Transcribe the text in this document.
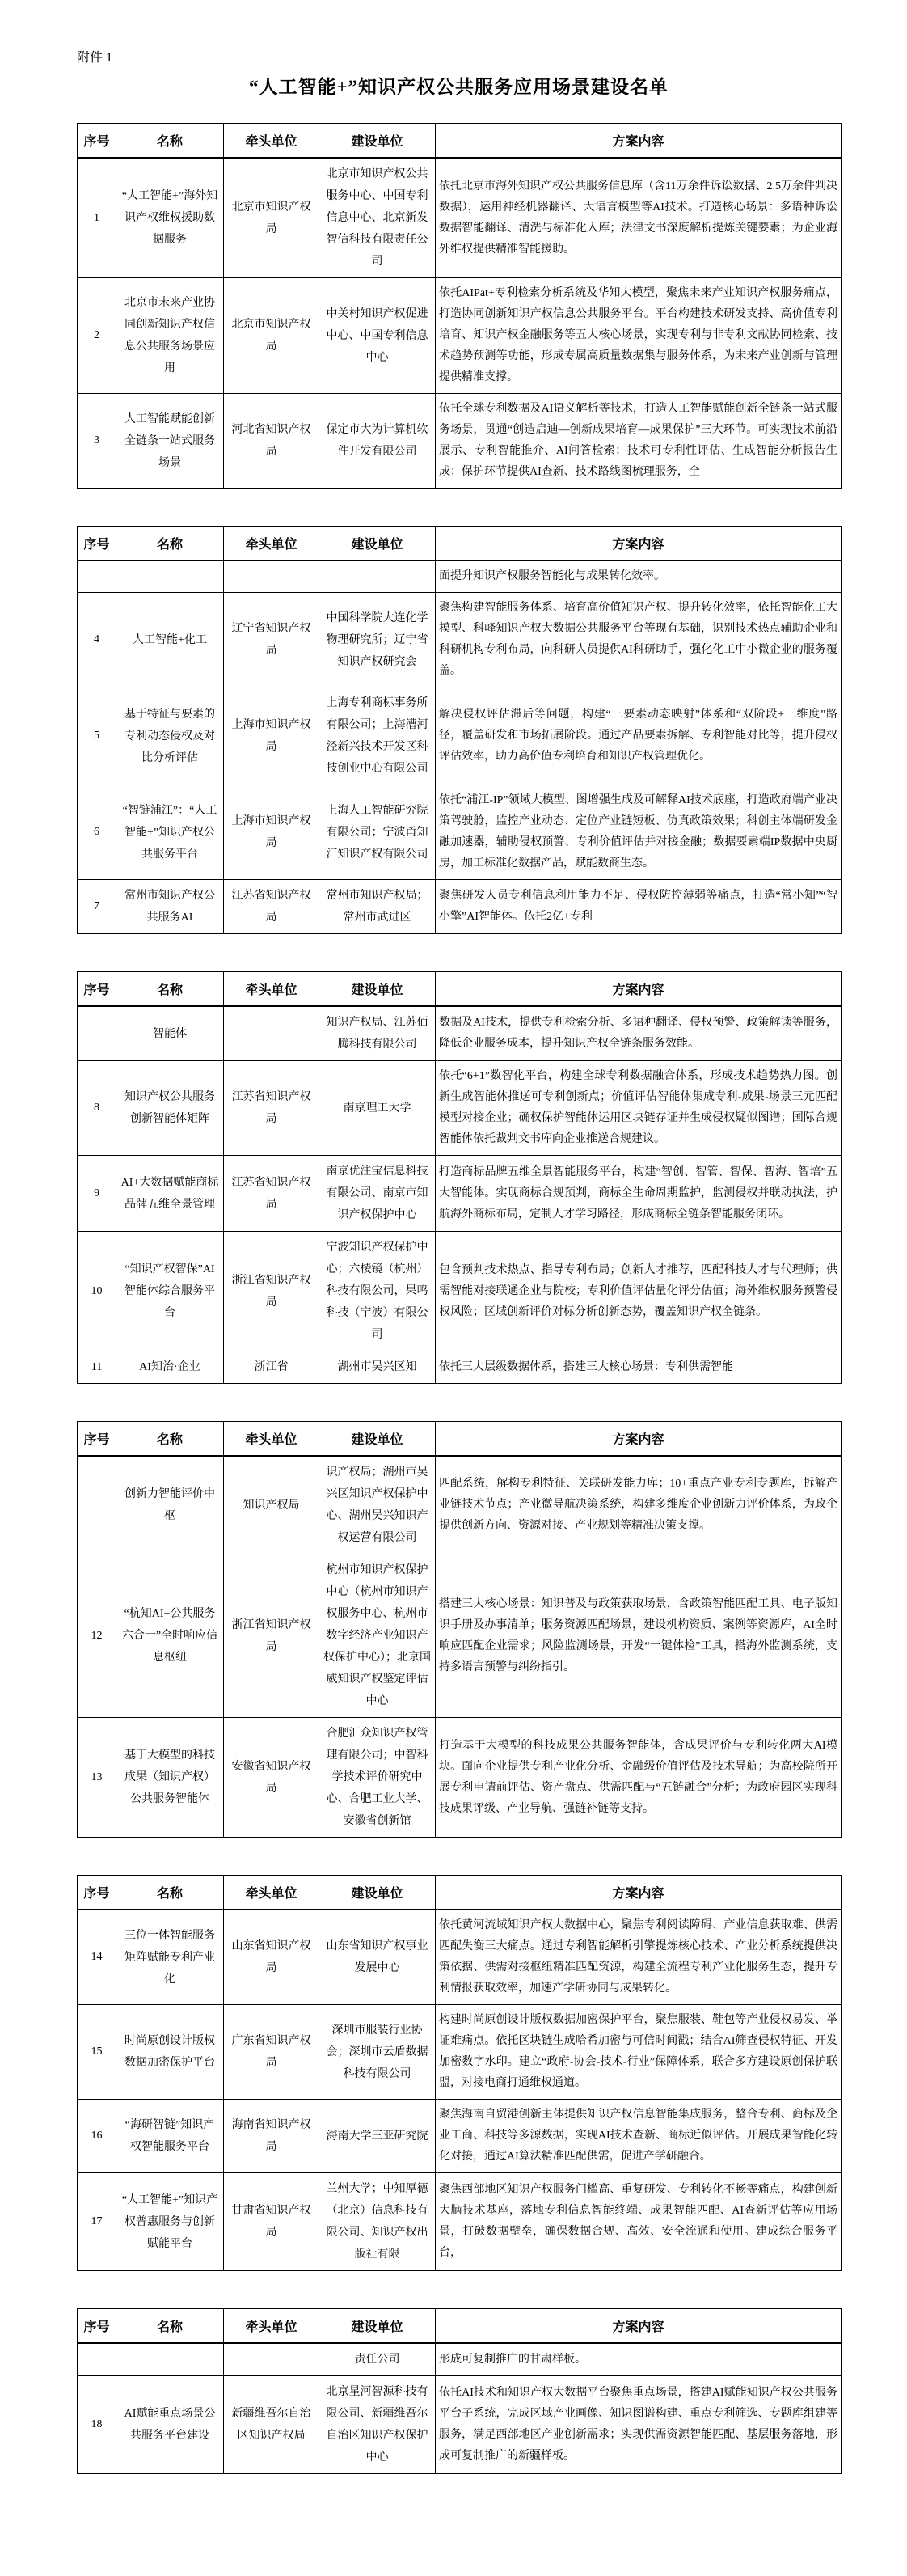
附件 1
“人工智能+”知识产权公共服务应用场景建设名单
序号	名称	牵头单位	建设单位	方案内容
1	“人工智能+”海外知识产权维权援助数据服务	北京市知识产权局	北京市知识产权公共服务中心、中国专利信息中心、北京新发智信科技有限责任公司	依托北京市海外知识产权公共服务信息库（含11万余件诉讼数据、2.5万余件判决数据），运用神经机器翻译、大语言模型等AI技术。打造核心场景：多语种诉讼数据智能翻译、清洗与标准化入库；法律文书深度解析提炼关键要素；为企业海外维权提供精准智能援助。
2	北京市未来产业协同创新知识产权信息公共服务场景应用	北京市知识产权局	中关村知识产权促进中心、中国专利信息中心	依托AIPat+专利检索分析系统及华知大模型，聚焦未来产业知识产权服务痛点，打造协同创新知识产权信息公共服务平台。平台构建技术研发支持、高价值专利培育、知识产权金融服务等五大核心场景，实现专利与非专利文献协同检索、技术趋势预测等功能，形成专属高质量数据集与服务体系，为未来产业创新与管理提供精准支撑。
3	人工智能赋能创新全链条一站式服务场景	河北省知识产权局	保定市大为计算机软件开发有限公司	依托全球专利数据及AI语义解析等技术，打造人工智能赋能创新全链条一站式服务场景，贯通“创造启迪—创新成果培育—成果保护”三大环节。可实现技术前沿展示、专利智能推介、AI问答检索；技术可专利性评估、生成智能分析报告生成；保护环节提供AI查新、技术路线图梳理服务，全
序号	名称	牵头单位	建设单位	方案内容
				面提升知识产权服务智能化与成果转化效率。
4	人工智能+化工	辽宁省知识产权局	中国科学院大连化学物理研究所；辽宁省知识产权研究会	聚焦构建智能服务体系、培育高价值知识产权、提升转化效率，依托智能化工大模型、科峰知识产权大数据公共服务平台等现有基础，识别技术热点辅助企业和科研机构专利布局，向科研人员提供AI科研助手，强化化工中小微企业的服务覆盖。
5	基于特征与要素的专利动态侵权及对比分析评估	上海市知识产权局	上海专利商标事务所有限公司；上海漕河泾新兴技术开发区科技创业中心有限公司	解决侵权评估滞后等问题，构建“三要素动态映射”体系和“双阶段+三维度”路径，覆盖研发和市场拓展阶段。通过产品要素拆解、专利智能对比等，提升侵权评估效率，助力高价值专利培育和知识产权管理优化。
6	“智链浦江”：“人工智能+”知识产权公共服务平台	上海市知识产权局	上海人工智能研究院有限公司；宁波甬知汇知识产权有限公司	依托“浦江-IP”领域大模型、图增强生成及可解释AI技术底座，打造政府端产业决策驾驶舱，监控产业动态、定位产业链短板、仿真政策效果；科创主体端研发金融加速器，辅助侵权预警、专利价值评估并对接金融；数据要素端IP数据中央厨房，加工标准化数据产品，赋能数商生态。
7	常州市知识产权公共服务AI	江苏省知识产权局	常州市知识产权局；常州市武进区	聚焦研发人员专利信息利用能力不足、侵权防控薄弱等痛点，打造“常小知”“智小擎”AI智能体。依托2亿+专利
序号	名称	牵头单位	建设单位	方案内容
	智能体		知识产权局、江苏佰腾科技有限公司	数据及AI技术，提供专利检索分析、多语种翻译、侵权预警、政策解读等服务，降低企业服务成本，提升知识产权全链条服务效能。
8	知识产权公共服务创新智能体矩阵	江苏省知识产权局	南京理工大学	依托“6+1”数智化平台，构建全球专利数据融合体系，形成技术趋势热力图。创新生成智能体推送可专利创新点；价值评估智能体集成专利-成果-场景三元匹配模型对接企业；确权保护智能体运用区块链存证并生成侵权疑似图谱；国际合规智能体依托裁判文书库向企业推送合规建议。
9	AI+大数据赋能商标品牌五维全景管理	江苏省知识产权局	南京优注宝信息科技有限公司、南京市知识产权保护中心	打造商标品牌五维全景智能服务平台，构建“智创、智管、智保、智海、智培”五大智能体。实现商标合规预判，商标全生命周期监护，监测侵权并联动执法，护航海外商标布局，定制人才学习路径，形成商标全链条智能服务闭环。
10	“知识产权智保”AI智能体综合服务平台	浙江省知识产权局	宁波知识产权保护中心；六棱镜（杭州）科技有限公司，果鸣科技（宁波）有限公司	包含预判技术热点、指导专利布局；创新人才推荐，匹配科技人才与代理师；供需智能对接联通企业与院校；专利价值评估量化评分估值；海外维权服务预警侵权风险；区域创新评价对标分析创新态势，覆盖知识产权全链条。
11	AI知治·企业	浙江省	湖州市吴兴区知	依托三大层级数据体系，搭建三大核心场景：专利供需智能
序号	名称	牵头单位	建设单位	方案内容
	创新力智能评价中枢	知识产权局	识产权局；湖州市吴兴区知识产权保护中心、湖州吴兴知识产权运营有限公司	匹配系统，解构专利特征、关联研发能力库；10+重点产业专利专题库，拆解产业链技术节点；产业微导航决策系统，构建多维度企业创新力评价体系，为政企提供创新方向、资源对接、产业规划等精准决策支撑。
12	“杭知AI+公共服务六合一”全时响应信息枢纽	浙江省知识产权局	杭州市知识产权保护中心（杭州市知识产权服务中心、杭州市数字经济产业知识产权保护中心）；北京国威知识产权鉴定评估中心	搭建三大核心场景：知识普及与政策获取场景，含政策智能匹配工具、电子版知识手册及办事清单；服务资源匹配场景，建设机构资质、案例等资源库，AI全时响应匹配企业需求；风险监测场景，开发“一键体检”工具，搭海外监测系统，支持多语言预警与纠纷指引。
13	基于大模型的科技成果（知识产权）公共服务智能体	安徽省知识产权局	合肥汇众知识产权管理有限公司；中智科学技术评价研究中心、合肥工业大学、安徽省创新馆	打造基于大模型的科技成果公共服务智能体，含成果评价与专利转化两大AI模块。面向企业提供专利产业化分析、金融级价值评估及技术导航；为高校院所开展专利申请前评估、资产盘点、供需匹配与“五链融合”分析；为政府园区实现科技成果评级、产业导航、强链补链等支持。
序号	名称	牵头单位	建设单位	方案内容
14	三位一体智能服务矩阵赋能专利产业化	山东省知识产权局	山东省知识产权事业发展中心	依托黄河流域知识产权大数据中心，聚焦专利阅读障碍、产业信息获取难、供需匹配失衡三大痛点。通过专利智能解析引擎提炼核心技术、产业分析系统提供决策依据、供需对接枢纽精准匹配资源，构建全流程专利产业化服务生态，提升专利情报获取效率，加速产学研协同与成果转化。
15	时尚原创设计版权数据加密保护平台	广东省知识产权局	深圳市服装行业协会；深圳市云盾数据科技有限公司	构建时尚原创设计版权数据加密保护平台，聚焦服装、鞋包等产业侵权易发、举证难痛点。依托区块链生成哈希加密与可信时间戳；结合AI筛查侵权特征、开发加密数字水印。建立“政府-协会-技术-行业”保障体系，联合多方建设原创保护联盟，对接电商打通维权通道。
16	“海研智链”知识产权智能服务平台	海南省知识产权局	海南大学三亚研究院	聚焦海南自贸港创新主体提供知识产权信息智能集成服务，整合专利、商标及企业工商、科技等多源数据，实现AI技术查新、商标近似评估。开展成果智能化转化对接，通过AI算法精准匹配供需，促进产学研融合。
17	“人工智能+”知识产权普惠服务与创新赋能平台	甘肃省知识产权局	兰州大学；中知厚德（北京）信息科技有限公司、知识产权出版社有限	聚焦西部地区知识产权服务门槛高、重复研发、专利转化不畅等痛点，构建创新大脑技术基座，落地专利信息智能终端、成果智能匹配、AI查新评估等应用场景，打破数据壁垒，确保数据合规、高效、安全流通和使用。建成综合服务平台，
序号	名称	牵头单位	建设单位	方案内容
			责任公司	形成可复制推广的甘肃样板。
18	AI赋能重点场景公共服务平台建设	新疆维吾尔自治区知识产权局	北京星河智源科技有限公司、新疆维吾尔自治区知识产权保护中心	依托AI技术和知识产权大数据平台聚焦重点场景，搭建AI赋能知识产权公共服务平台子系统，完成区域产业画像、知识图谱构建、重点专利筛选、专题库组建等服务，满足西部地区产业创新需求；实现供需资源智能匹配、基层服务落地，形成可复制推广的新疆样板。
